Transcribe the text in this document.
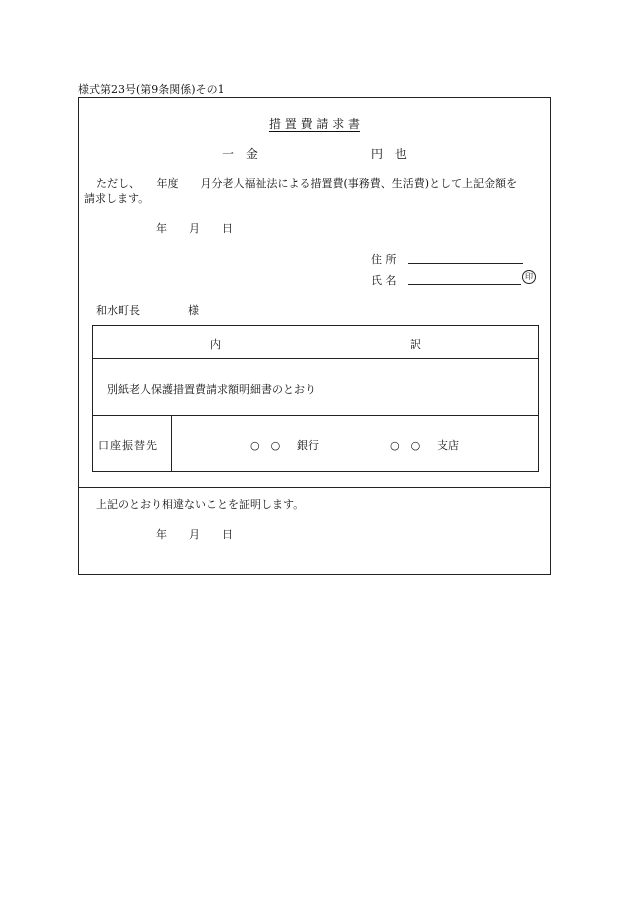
様式第23号(第9条関係)その1
措 置 費 請 求 書
一 金	円 也
ただし、　　年度　　月分老人福祉法による措置費(事務費、生活費)として上記金額を
請求します。
年　　月　　日
住 所
氏 名	印
和水町長	様
内	訳
別紙老人保護措置費請求額明細書のとおり
口座振替先	○　○ 銀行	○　○ 支店
上記のとおり相違ないことを証明します。
年　　月　　日
